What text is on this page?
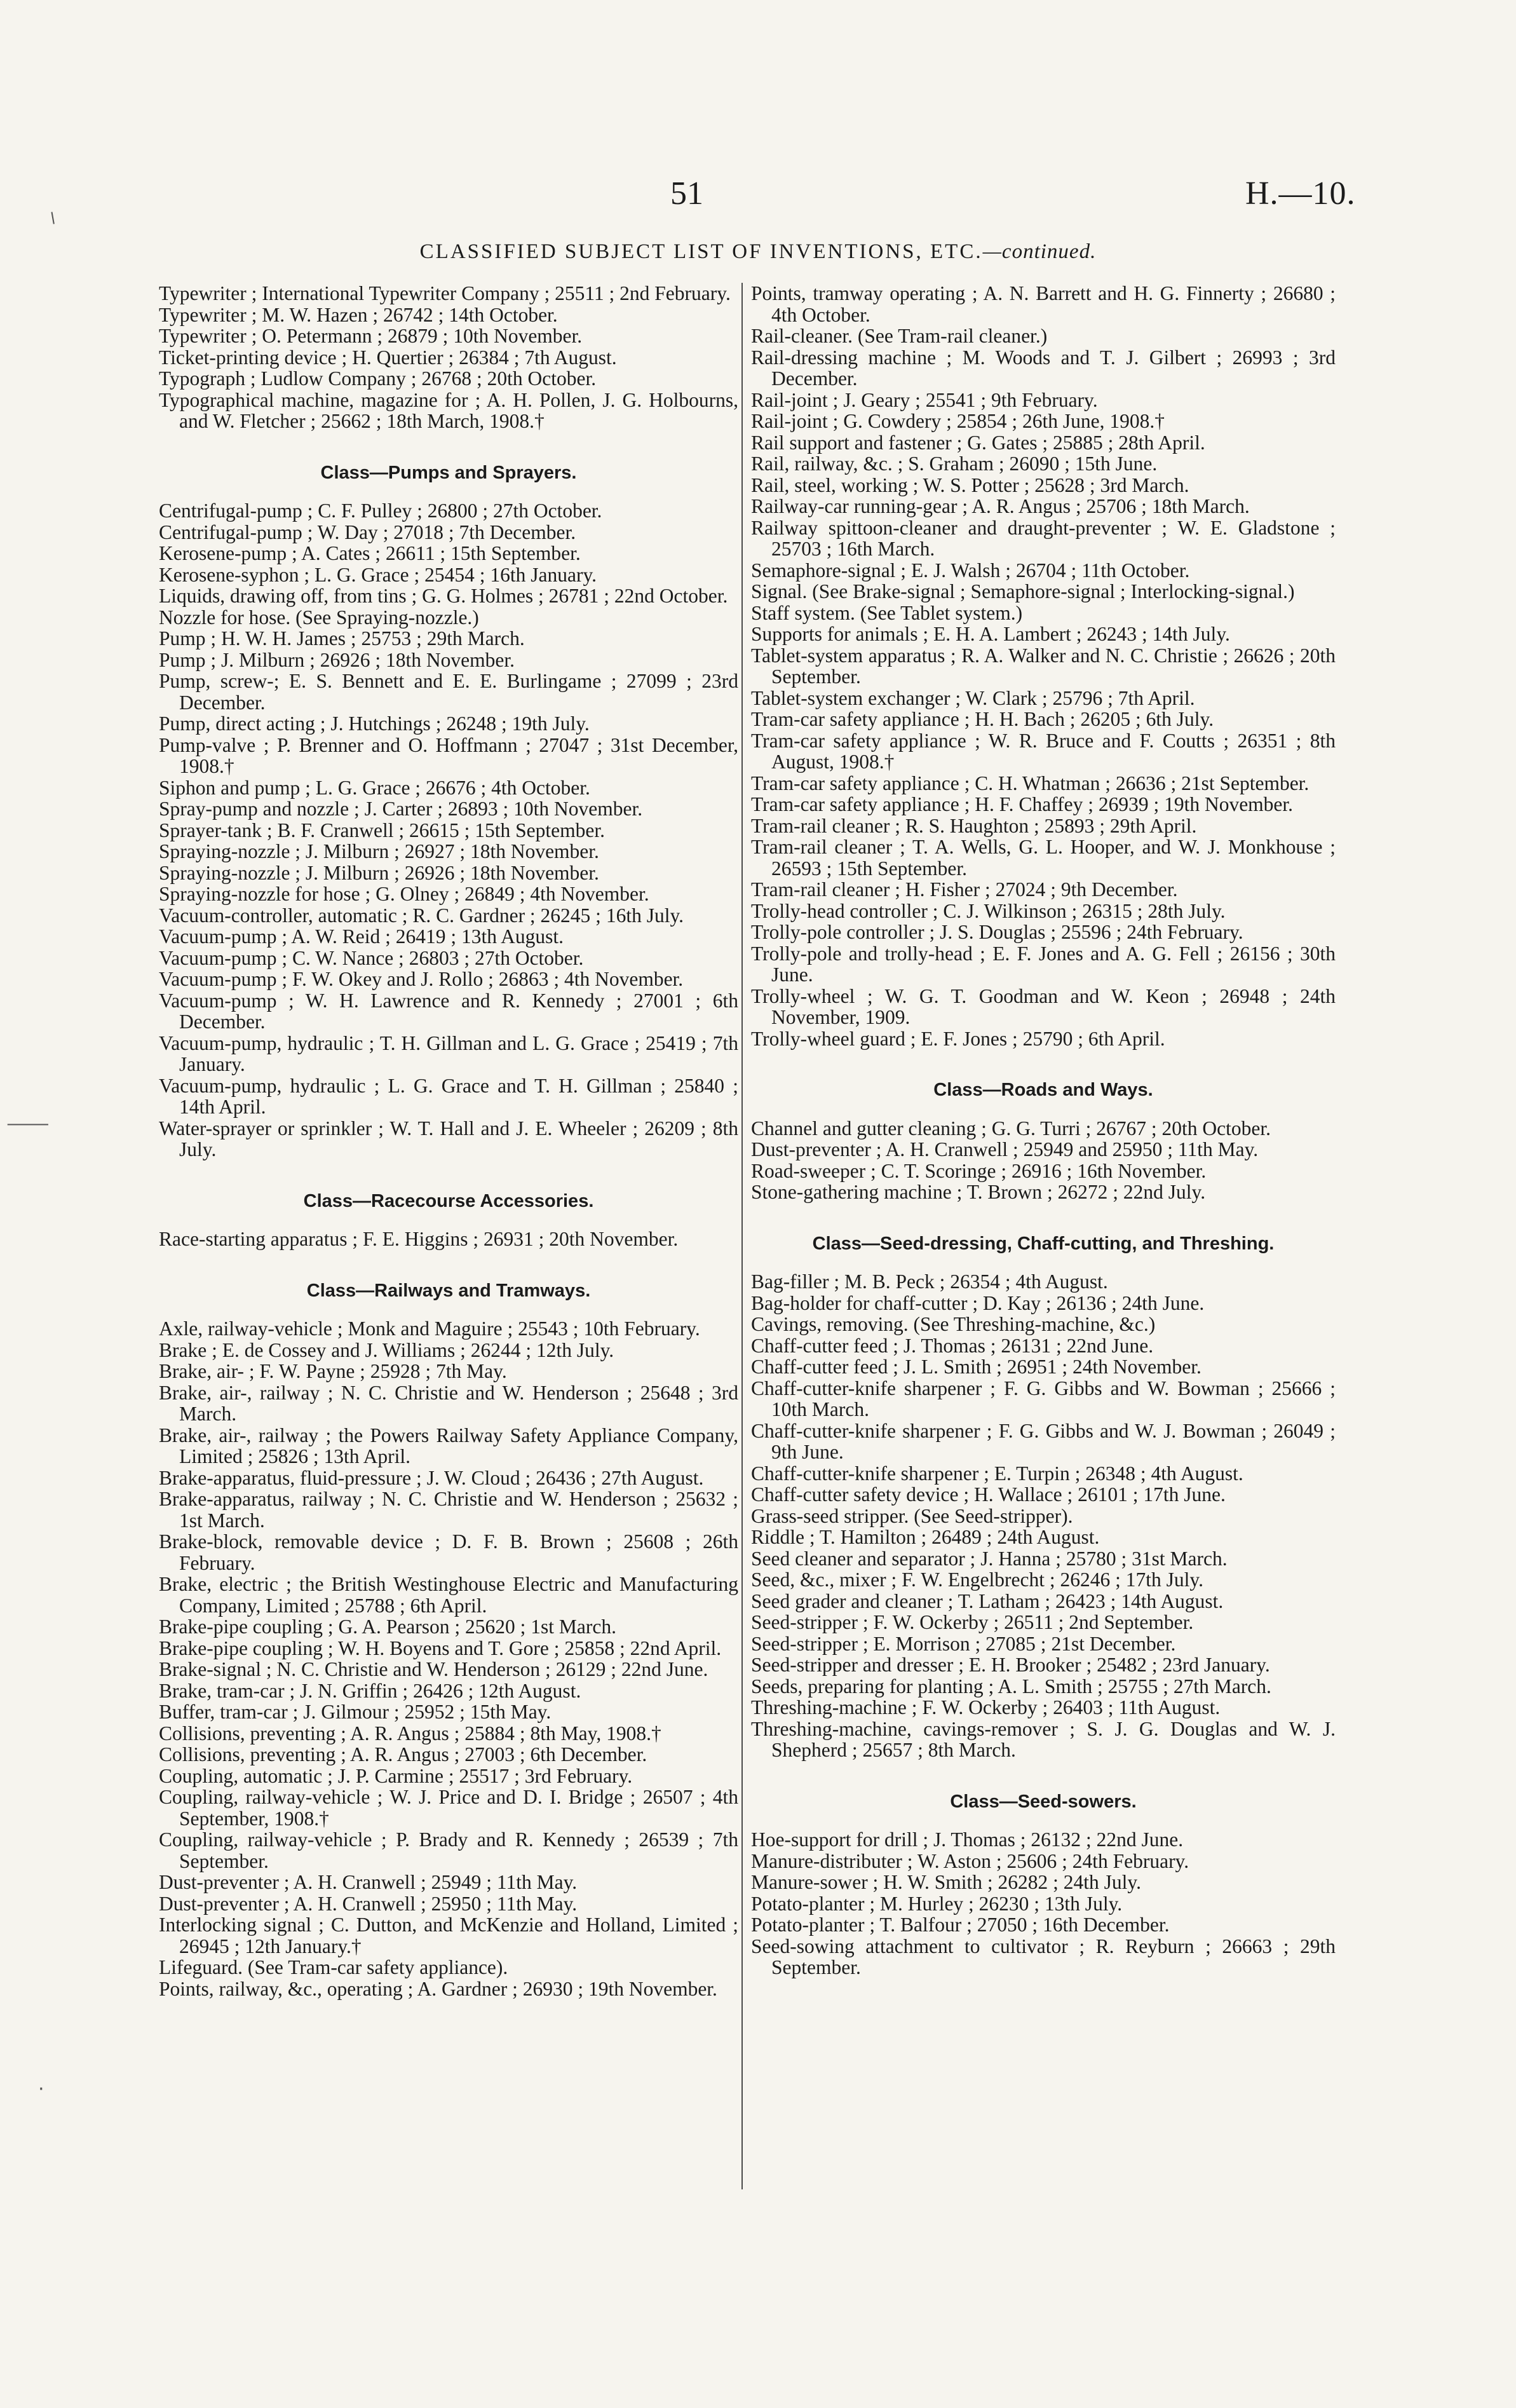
51	H.—10.
CLASSIFIED SUBJECT LIST OF INVENTIONS, ETC.—continued.
⸌
⸺
·

Typewriter ; International Typewriter Company ; 25511 ; 2nd February.

Typewriter ; M. W. Hazen ; 26742 ; 14th October.

Typewriter ; O. Petermann ; 26879 ; 10th November.

Ticket-printing device ; H. Quertier ; 26384 ; 7th August.

Typograph ; Ludlow Company ; 26768 ; 20th October.

Typographical machine, magazine for ; A. H. Pollen, J. G. Holbourns, and W. Fletcher ; 25662 ; 18th March, 1908.†

Class—Pumps and Sprayers.

Centrifugal-pump ; C. F. Pulley ; 26800 ; 27th October.

Centrifugal-pump ; W. Day ; 27018 ; 7th December.

Kerosene-pump ; A. Cates ; 26611 ; 15th September.

Kerosene-syphon ; L. G. Grace ; 25454 ; 16th January.

Liquids, drawing off, from tins ; G. G. Holmes ; 26781 ; 22nd October.

Nozzle for hose. (See Spraying-nozzle.)

Pump ; H. W. H. James ; 25753 ; 29th March.

Pump ; J. Milburn ; 26926 ; 18th November.

Pump, screw-; E. S. Bennett and E. E. Burlingame ; 27099 ; 23rd December.

Pump, direct acting ; J. Hutchings ; 26248 ; 19th July.

Pump-valve ; P. Brenner and O. Hoffmann ; 27047 ; 31st December, 1908.†

Siphon and pump ; L. G. Grace ; 26676 ; 4th October.

Spray-pump and nozzle ; J. Carter ; 26893 ; 10th November.

Sprayer-tank ; B. F. Cranwell ; 26615 ; 15th September.

Spraying-nozzle ; J. Milburn ; 26927 ; 18th November.

Spraying-nozzle ; J. Milburn ; 26926 ; 18th November.

Spraying-nozzle for hose ; G. Olney ; 26849 ; 4th November.

Vacuum-controller, automatic ; R. C. Gardner ; 26245 ; 16th July.

Vacuum-pump ; A. W. Reid ; 26419 ; 13th August.

Vacuum-pump ; C. W. Nance ; 26803 ; 27th October.

Vacuum-pump ; F. W. Okey and J. Rollo ; 26863 ; 4th November.

Vacuum-pump ; W. H. Lawrence and R. Kennedy ; 27001 ; 6th December.

Vacuum-pump, hydraulic ; T. H. Gillman and L. G. Grace ; 25419 ; 7th January.

Vacuum-pump, hydraulic ; L. G. Grace and T. H. Gillman ; 25840 ; 14th April.

Water-sprayer or sprinkler ; W. T. Hall and J. E. Wheeler ; 26209 ; 8th July.

Class—Racecourse Accessories.

Race-starting apparatus ; F. E. Higgins ; 26931 ; 20th November.

Class—Railways and Tramways.

Axle, railway-vehicle ; Monk and Maguire ; 25543 ; 10th February.

Brake ; E. de Cossey and J. Williams ; 26244 ; 12th July.

Brake, air- ; F. W. Payne ; 25928 ; 7th May.

Brake, air-, railway ; N. C. Christie and W. Henderson ; 25648 ; 3rd March.

Brake, air-, railway ; the Powers Railway Safety Appliance Company, Limited ; 25826 ; 13th April.

Brake-apparatus, fluid-pressure ; J. W. Cloud ; 26436 ; 27th August.

Brake-apparatus, railway ; N. C. Christie and W. Henderson ; 25632 ; 1st March.

Brake-block, removable device ; D. F. B. Brown ; 25608 ; 26th February.

Brake, electric ; the British Westinghouse Electric and Manufacturing Company, Limited ; 25788 ; 6th April.

Brake-pipe coupling ; G. A. Pearson ; 25620 ; 1st March.

Brake-pipe coupling ; W. H. Boyens and T. Gore ; 25858 ; 22nd April.

Brake-signal ; N. C. Christie and W. Henderson ; 26129 ; 22nd June.

Brake, tram-car ; J. N. Griffin ; 26426 ; 12th August.

Buffer, tram-car ; J. Gilmour ; 25952 ; 15th May.

Collisions, preventing ; A. R. Angus ; 25884 ; 8th May, 1908.†

Collisions, preventing ; A. R. Angus ; 27003 ; 6th December.

Coupling, automatic ; J. P. Carmine ; 25517 ; 3rd February.

Coupling, railway-vehicle ; W. J. Price and D. I. Bridge ; 26507 ; 4th September, 1908.†

Coupling, railway-vehicle ; P. Brady and R. Kennedy ; 26539 ; 7th September.

Dust-preventer ; A. H. Cranwell ; 25949 ; 11th May.

Dust-preventer ; A. H. Cranwell ; 25950 ; 11th May.

Interlocking signal ; C. Dutton, and McKenzie and Holland, Limited ; 26945 ; 12th January.†

Lifeguard. (See Tram-car safety appliance).

Points, railway, &c., operating ; A. Gardner ; 26930 ; 19th November.

Points, tramway operating ; A. N. Barrett and H. G. Finnerty ; 26680 ; 4th October.

Rail-cleaner. (See Tram-rail cleaner.)

Rail-dressing machine ; M. Woods and T. J. Gilbert ; 26993 ; 3rd December.

Rail-joint ; J. Geary ; 25541 ; 9th February.

Rail-joint ; G. Cowdery ; 25854 ; 26th June, 1908.†

Rail support and fastener ; G. Gates ; 25885 ; 28th April.

Rail, railway, &c. ; S. Graham ; 26090 ; 15th June.

Rail, steel, working ; W. S. Potter ; 25628 ; 3rd March.

Railway-car running-gear ; A. R. Angus ; 25706 ; 18th March.

Railway spittoon-cleaner and draught-preventer ; W. E. Gladstone ; 25703 ; 16th March.

Semaphore-signal ; E. J. Walsh ; 26704 ; 11th October.

Signal. (See Brake-signal ; Semaphore-signal ; Interlocking-signal.)

Staff system. (See Tablet system.)

Supports for animals ; E. H. A. Lambert ; 26243 ; 14th July.

Tablet-system apparatus ; R. A. Walker and N. C. Christie ; 26626 ; 20th September.

Tablet-system exchanger ; W. Clark ; 25796 ; 7th April.

Tram-car safety appliance ; H. H. Bach ; 26205 ; 6th July.

Tram-car safety appliance ; W. R. Bruce and F. Coutts ; 26351 ; 8th August, 1908.†

Tram-car safety appliance ; C. H. Whatman ; 26636 ; 21st September.

Tram-car safety appliance ; H. F. Chaffey ; 26939 ; 19th November.

Tram-rail cleaner ; R. S. Haughton ; 25893 ; 29th April.

Tram-rail cleaner ; T. A. Wells, G. L. Hooper, and W. J. Monkhouse ; 26593 ; 15th September.

Tram-rail cleaner ; H. Fisher ; 27024 ; 9th December.

Trolly-head controller ; C. J. Wilkinson ; 26315 ; 28th July.

Trolly-pole controller ; J. S. Douglas ; 25596 ; 24th February.

Trolly-pole and trolly-head ; E. F. Jones and A. G. Fell ; 26156 ; 30th June.

Trolly-wheel ; W. G. T. Goodman and W. Keon ; 26948 ; 24th November, 1909.

Trolly-wheel guard ; E. F. Jones ; 25790 ; 6th April.

Class—Roads and Ways.

Channel and gutter cleaning ; G. G. Turri ; 26767 ; 20th October.

Dust-preventer ; A. H. Cranwell ; 25949 and 25950 ; 11th May.

Road-sweeper ; C. T. Scoringe ; 26916 ; 16th November.

Stone-gathering machine ; T. Brown ; 26272 ; 22nd July.

Class—Seed-dressing, Chaff-cutting, and Threshing.

Bag-filler ; M. B. Peck ; 26354 ; 4th August.

Bag-holder for chaff-cutter ; D. Kay ; 26136 ; 24th June.

Cavings, removing. (See Threshing-machine, &c.)

Chaff-cutter feed ; J. Thomas ; 26131 ; 22nd June.

Chaff-cutter feed ; J. L. Smith ; 26951 ; 24th November.

Chaff-cutter-knife sharpener ; F. G. Gibbs and W. Bowman ; 25666 ; 10th March.

Chaff-cutter-knife sharpener ; F. G. Gibbs and W. J. Bowman ; 26049 ; 9th June.

Chaff-cutter-knife sharpener ; E. Turpin ; 26348 ; 4th August.

Chaff-cutter safety device ; H. Wallace ; 26101 ; 17th June.

Grass-seed stripper. (See Seed-stripper).

Riddle ; T. Hamilton ; 26489 ; 24th August.

Seed cleaner and separator ; J. Hanna ; 25780 ; 31st March.

Seed, &c., mixer ; F. W. Engelbrecht ; 26246 ; 17th July.

Seed grader and cleaner ; T. Latham ; 26423 ; 14th August.

Seed-stripper ; F. W. Ockerby ; 26511 ; 2nd September.

Seed-stripper ; E. Morrison ; 27085 ; 21st December.

Seed-stripper and dresser ; E. H. Brooker ; 25482 ; 23rd January.

Seeds, preparing for planting ; A. L. Smith ; 25755 ; 27th March.

Threshing-machine ; F. W. Ockerby ; 26403 ; 11th August.

Threshing-machine, cavings-remover ; S. J. G. Douglas and W. J. Shepherd ; 25657 ; 8th March.

Class—Seed-sowers.

Hoe-support for drill ; J. Thomas ; 26132 ; 22nd June.

Manure-distributer ; W. Aston ; 25606 ; 24th February.

Manure-sower ; H. W. Smith ; 26282 ; 24th July.

Potato-planter ; M. Hurley ; 26230 ; 13th July.

Potato-planter ; T. Balfour ; 27050 ; 16th December.

Seed-sowing attachment to cultivator ; R. Reyburn ; 26663 ; 29th September.
